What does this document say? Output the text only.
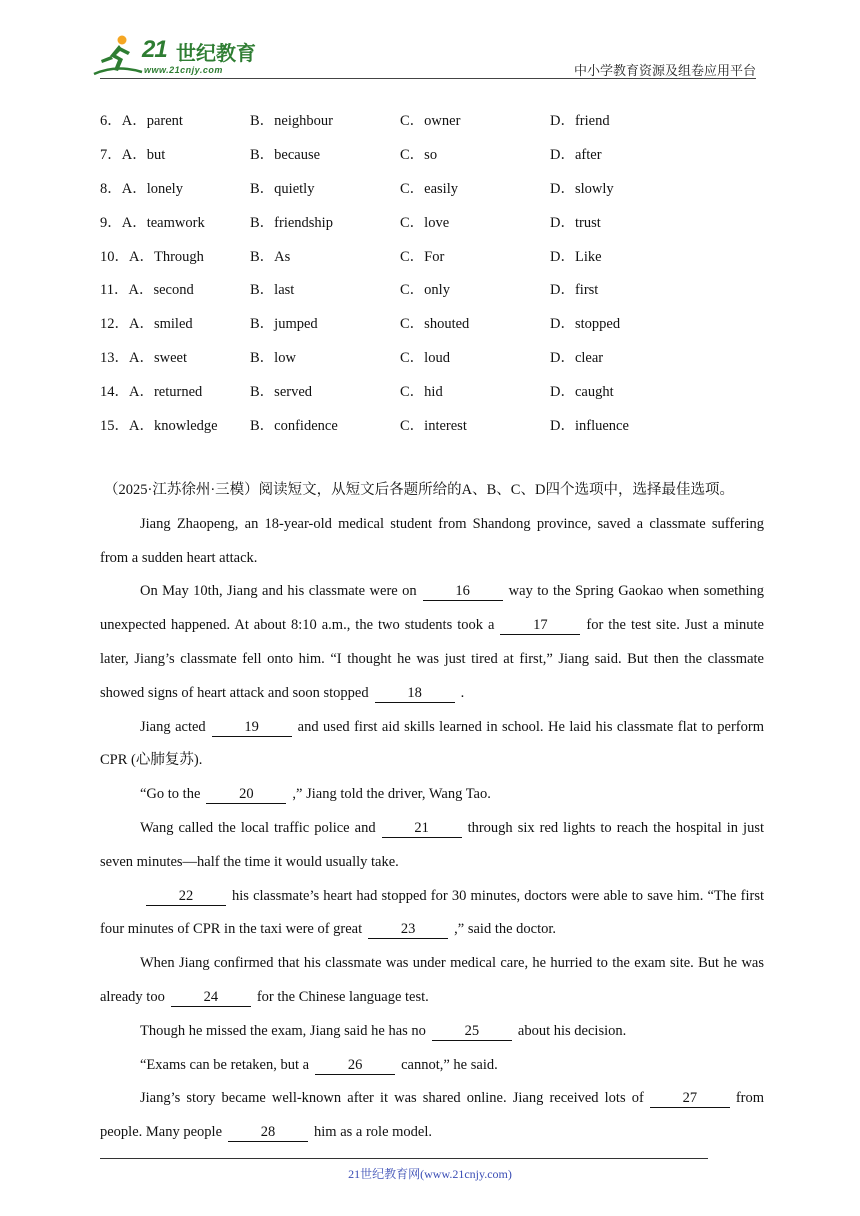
21 世纪教育
www.21cnjy.com	中小学教育资源及组卷应用平台
6．A．parent	B．neighbour	C．owner	D．friend
7．A．but	B．because	C．so	D．after
8．A．lonely	B．quietly	C．easily	D．slowly
9．A．teamwork	B．friendship	C．love	D．trust
10．A．Through	B．As	C．For	D．Like
11．A．second	B．last	C．only	D．first
12．A．smiled	B．jumped	C．shouted	D．stopped
13．A．sweet	B．low	C．loud	D．clear
14．A．returned	B．served	C．hid	D．caught
15．A．knowledge	B．confidence	C．interest	D．influence

（2025·江苏徐州·三模）阅读短文，从短文后各题所给的A、B、C、D四个选项中，选择最佳选项。

Jiang Zhaopeng, an 18-year-old medical student from Shandong province, saved a classmate suffering from a sudden heart attack.

On May 10th, Jiang and his classmate were on	16	way to the Spring Gaokao when something unexpected happened. At about 8:10 a.m., the two students took a	17	for the test site. Just a minute later, Jiang’s classmate fell onto him. “I thought he was just tired at first,” Jiang said. But then the classmate showed signs of heart attack and soon stopped	18	.

Jiang acted	19	and used first aid skills learned in school. He laid his classmate flat to perform CPR (心肺复苏).

“Go to the	20	,” Jiang told the driver, Wang Tao.

Wang called the local traffic police and	21	through six red lights to reach the hospital in just seven minutes—half the time it would usually take.

22	his classmate’s heart had stopped for 30 minutes, doctors were able to save him. “The first four minutes of CPR in the taxi were of great	23	,” said the doctor.

When Jiang confirmed that his classmate was under medical care, he hurried to the exam site. But he was already too	24	for the Chinese language test.

Though he missed the exam, Jiang said he has no	25	about his decision.

“Exams can be retaken, but a	26	cannot,” he said.

Jiang’s story became well-known after it was shared online. Jiang received lots of	27	from people. Many people	28	him as a role model.

21世纪教育网(www.21cnjy.com)
